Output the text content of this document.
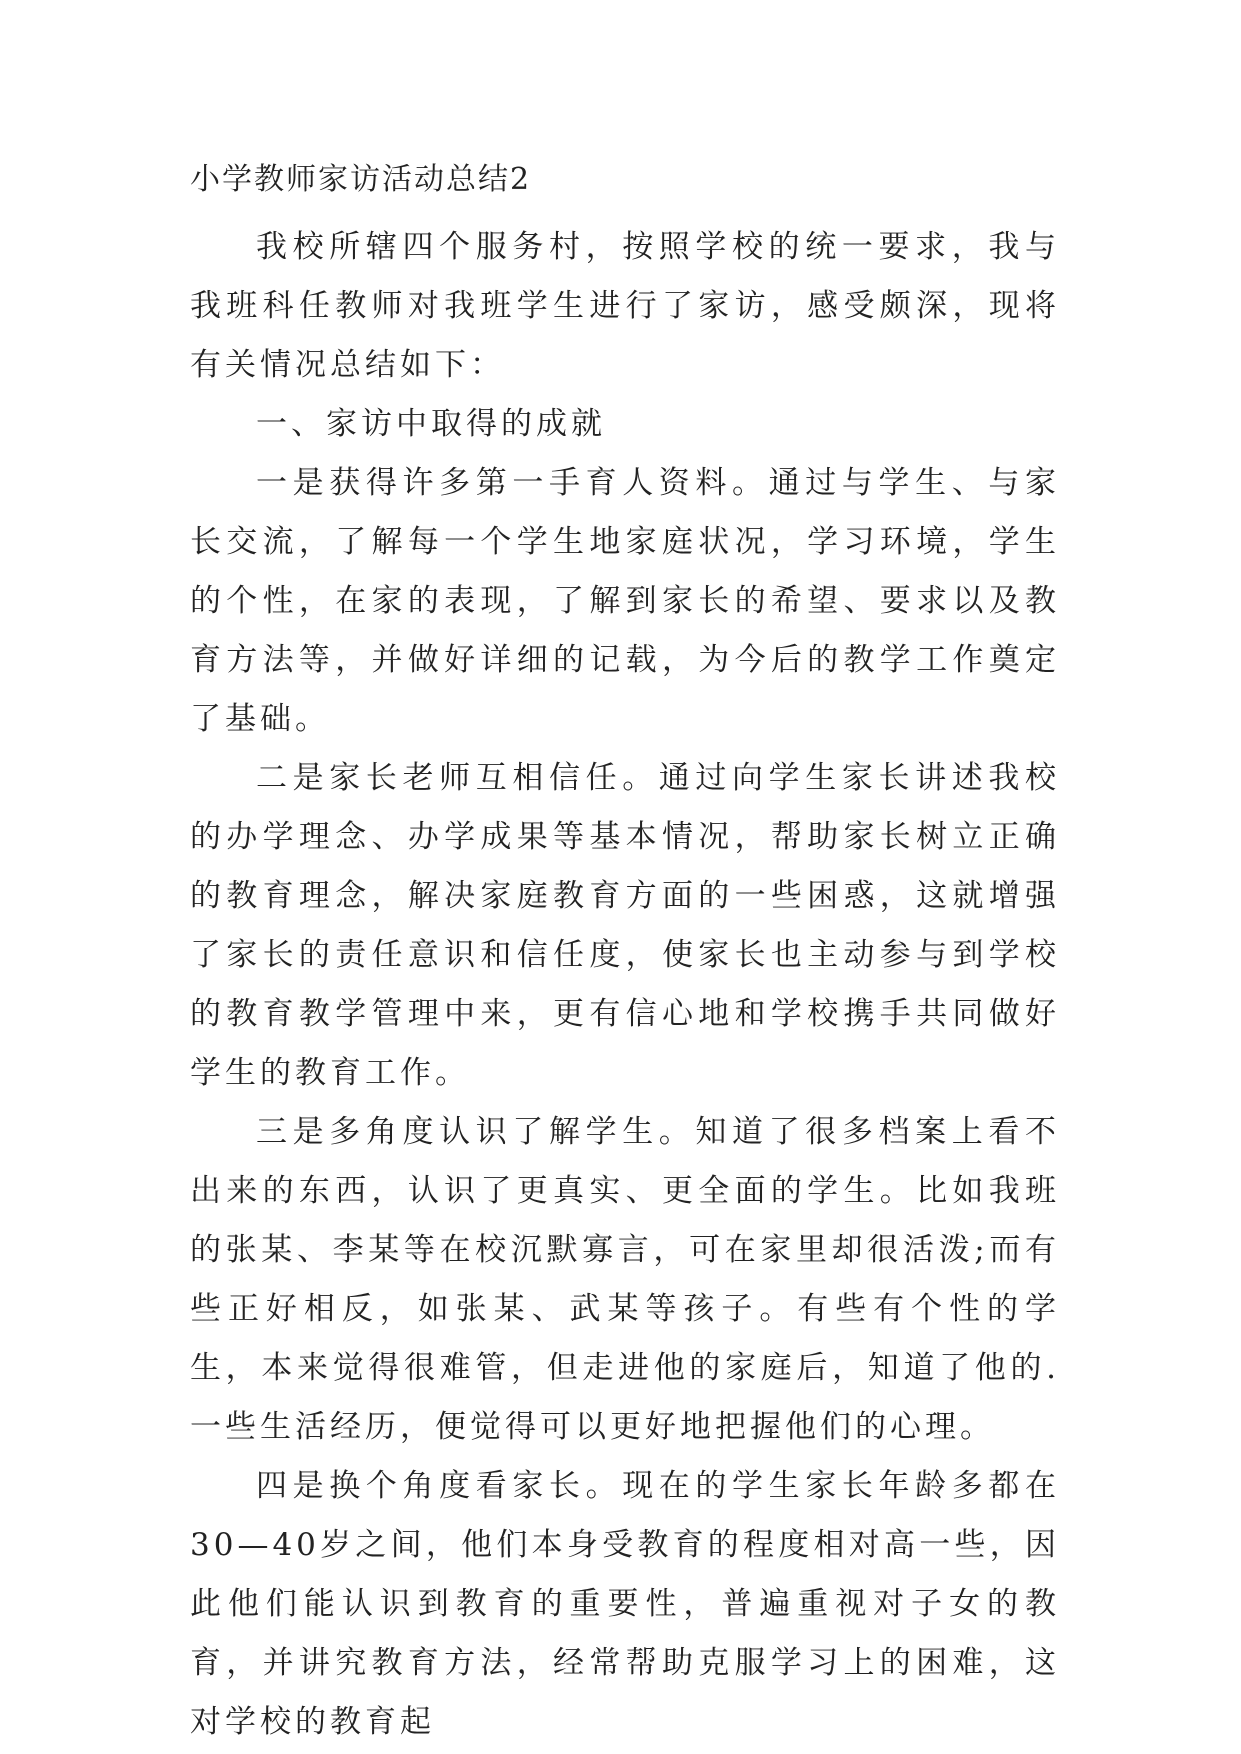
小学教师家访活动总结2

我校所辖四个服务村，按照学校的统一要求，我与我班科任教师对我班学生进行了家访，感受颇深，现将有关情况总结如下：

一、家访中取得的成就

一是获得许多第一手育人资料。通过与学生、与家长交流，了解每一个学生地家庭状况，学习环境，学生的个性，在家的表现，了解到家长的希望、要求以及教育方法等，并做好详细的记载，为今后的教学工作奠定了基础。

二是家长老师互相信任。通过向学生家长讲述我校的办学理念、办学成果等基本情况，帮助家长树立正确的教育理念，解决家庭教育方面的一些困惑，这就增强了家长的责任意识和信任度，使家长也主动参与到学校的教育教学管理中来，更有信心地和学校携手共同做好学生的教育工作。

三是多角度认识了解学生。知道了很多档案上看不出来的东西，认识了更真实、更全面的学生。比如我班的张某、李某等在校沉默寡言，可在家里却很活泼;而有些正好相反，如张某、武某等孩子。有些有个性的学生，本来觉得很难管，但走进他的家庭后，知道了他的.一些生活经历，便觉得可以更好地把握他们的心理。

四是换个角度看家长。现在的学生家长年龄多都在30—40岁之间，他们本身受教育的程度相对高一些，因此他们能认识到教育的重要性，普遍重视对子女的教育，并讲究教育方法，经常帮助克服学习上的困难，这对学校的教育起
